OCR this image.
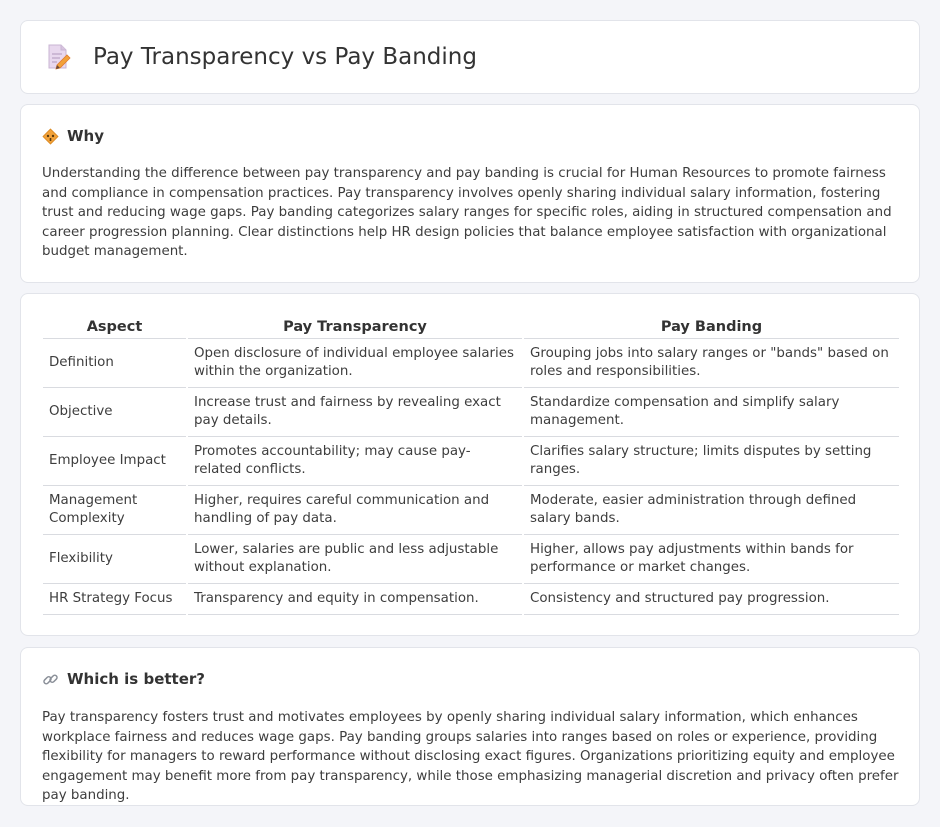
Pay Transparency vs Pay Banding
Why

Understanding the difference between pay transparency and pay banding is crucial for Human Resources to promote fairness and compliance in compensation practices. Pay transparency involves openly sharing individual salary information, fostering trust and reducing wage gaps. Pay banding categorizes salary ranges for specific roles, aiding in structured compensation and career progression planning. Clear distinctions help HR design policies that balance employee satisfaction with organizational budget management.

Aspect	Pay Transparency	Pay Banding
Definition	Open disclosure of individual employee salaries within the organization.	Grouping jobs into salary ranges or "bands" based on roles and responsibilities.
Objective	Increase trust and fairness by revealing exact pay details.	Standardize compensation and simplify salary management.
Employee Impact	Promotes accountability; may cause pay-related conflicts.	Clarifies salary structure; limits disputes by setting ranges.
Management Complexity	Higher, requires careful communication and handling of pay data.	Moderate, easier administration through defined salary bands.
Flexibility	Lower, salaries are public and less adjustable without explanation.	Higher, allows pay adjustments within bands for performance or market changes.
HR Strategy Focus	Transparency and equity in compensation.	Consistency and structured pay progression.
Which is better?

Pay transparency fosters trust and motivates employees by openly sharing individual salary information, which enhances workplace fairness and reduces wage gaps. Pay banding groups salaries into ranges based on roles or experience, providing flexibility for managers to reward performance without disclosing exact figures. Organizations prioritizing equity and employee engagement may benefit more from pay transparency, while those emphasizing managerial discretion and privacy often prefer pay banding.
